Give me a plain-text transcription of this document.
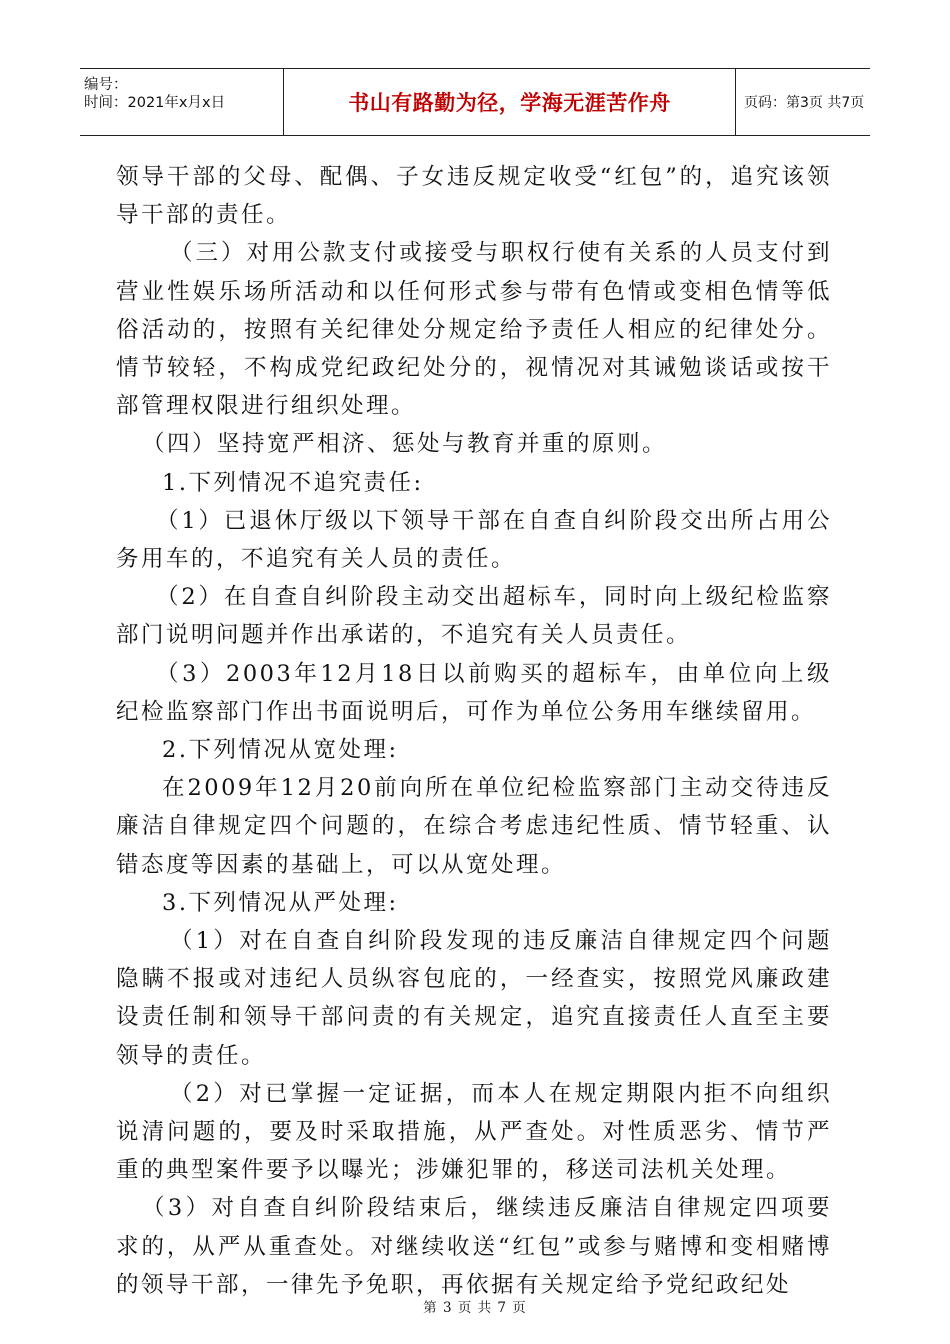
编号：
时间：2021年x月x日	书山有路勤为径，学海无涯苦作舟	页码：第3页 共7页

领导干部的父母、配偶、子女违反规定收受“红包”的，追究该领导干部的责任。

（三）对用公款支付或接受与职权行使有关系的人员支付到营业性娱乐场所活动和以任何形式参与带有色情或变相色情等低俗活动的，按照有关纪律处分规定给予责任人相应的纪律处分。情节较轻，不构成党纪政纪处分的，视情况对其诫勉谈话或按干部管理权限进行组织处理。

（四）坚持宽严相济、惩处与教育并重的原则。

1.下列情况不追究责任:

（1）已退休厅级以下领导干部在自查自纠阶段交出所占用公务用车的，不追究有关人员的责任。

（2）在自查自纠阶段主动交出超标车，同时向上级纪检监察部门说明问题并作出承诺的，不追究有关人员责任。

（3）2003年12月18日以前购买的超标车，由单位向上级纪检监察部门作出书面说明后，可作为单位公务用车继续留用。

2.下列情况从宽处理:

在2009年12月20前向所在单位纪检监察部门主动交待违反廉洁自律规定四个问题的，在综合考虑违纪性质、情节轻重、认错态度等因素的基础上，可以从宽处理。

3.下列情况从严处理:

（1）对在自查自纠阶段发现的违反廉洁自律规定四个问题隐瞒不报或对违纪人员纵容包庇的，一经查实，按照党风廉政建设责任制和领导干部问责的有关规定，追究直接责任人直至主要领导的责任。

（2）对已掌握一定证据，而本人在规定期限内拒不向组织说清问题的，要及时采取措施，从严查处。对性质恶劣、情节严重的典型案件要予以曝光；涉嫌犯罪的，移送司法机关处理。

（3）对自查自纠阶段结束后，继续违反廉洁自律规定四项要求的，从严从重查处。对继续收送“红包”或参与赌博和变相赌博的领导干部，一律先予免职，再依据有关规定给予党纪政纪处

第 3 页 共 7 页
